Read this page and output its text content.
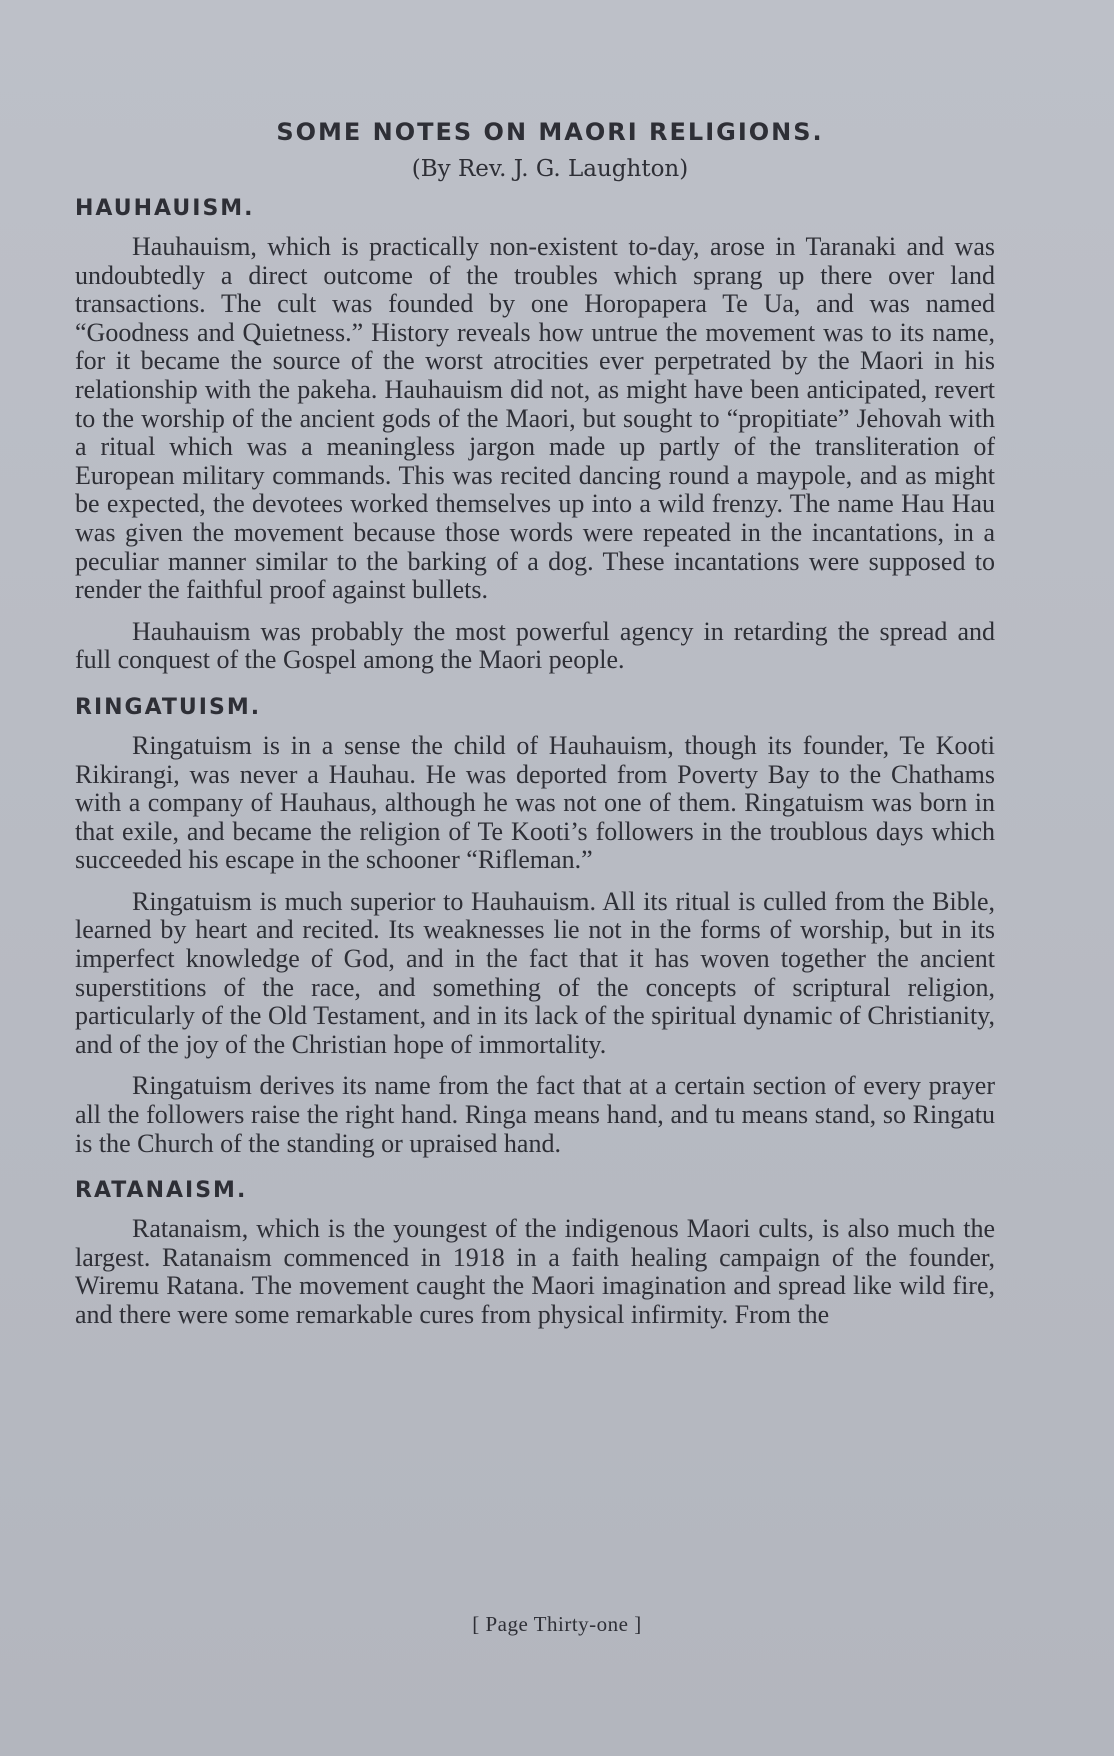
SOME NOTES ON MAORI RELIGIONS.
(By Rev. J. G. Laughton)
HAUHAUISM.

Hauhauism, which is practically non-existent to-day, arose in Taranaki and was undoubtedly a direct outcome of the troubles which sprang up there over land transactions. The cult was founded by one Horopapera Te Ua, and was named “Goodness and Quietness.” History reveals how untrue the movement was to its name, for it became the source of the worst atrocities ever perpetrated by the Maori in his relationship with the pakeha. Hauhauism did not, as might have been anticipated, revert to the worship of the ancient gods of the Maori, but sought to “propitiate” Jehovah with a ritual which was a meaningless jargon made up partly of the transliteration of European military commands. This was recited dancing round a maypole, and as might be expected, the devotees worked themselves up into a wild frenzy. The name Hau Hau was given the movement because those words were repeated in the incantations, in a peculiar manner similar to the barking of a dog. These incantations were supposed to render the faithful proof against bullets.

Hauhauism was probably the most powerful agency in retarding the spread and full conquest of the Gospel among the Maori people.

RINGATUISM.

Ringatuism is in a sense the child of Hauhauism, though its founder, Te Kooti Rikirangi, was never a Hauhau. He was deported from Poverty Bay to the Chathams with a company of Hauhaus, although he was not one of them. Ringatuism was born in that exile, and became the religion of Te Kooti’s followers in the troublous days which succeeded his escape in the schooner “Rifleman.”

Ringatuism is much superior to Hauhauism. All its ritual is culled from the Bible, learned by heart and recited. Its weaknesses lie not in the forms of worship, but in its imperfect knowledge of God, and in the fact that it has woven together the ancient superstitions of the race, and something of the concepts of scriptural religion, particularly of the Old Testament, and in its lack of the spiritual dynamic of Christianity, and of the joy of the Christian hope of immortality.

Ringatuism derives its name from the fact that at a certain section of every prayer all the followers raise the right hand. Ringa means hand, and tu means stand, so Ringatu is the Church of the standing or upraised hand.

RATANAISM.

Ratanaism, which is the youngest of the indigenous Maori cults, is also much the largest. Ratanaism commenced in 1918 in a faith healing campaign of the founder, Wiremu Ratana. The movement caught the Maori imagination and spread like wild fire, and there were some remarkable cures from physical infirmity. From the

[ Page Thirty-one ]
